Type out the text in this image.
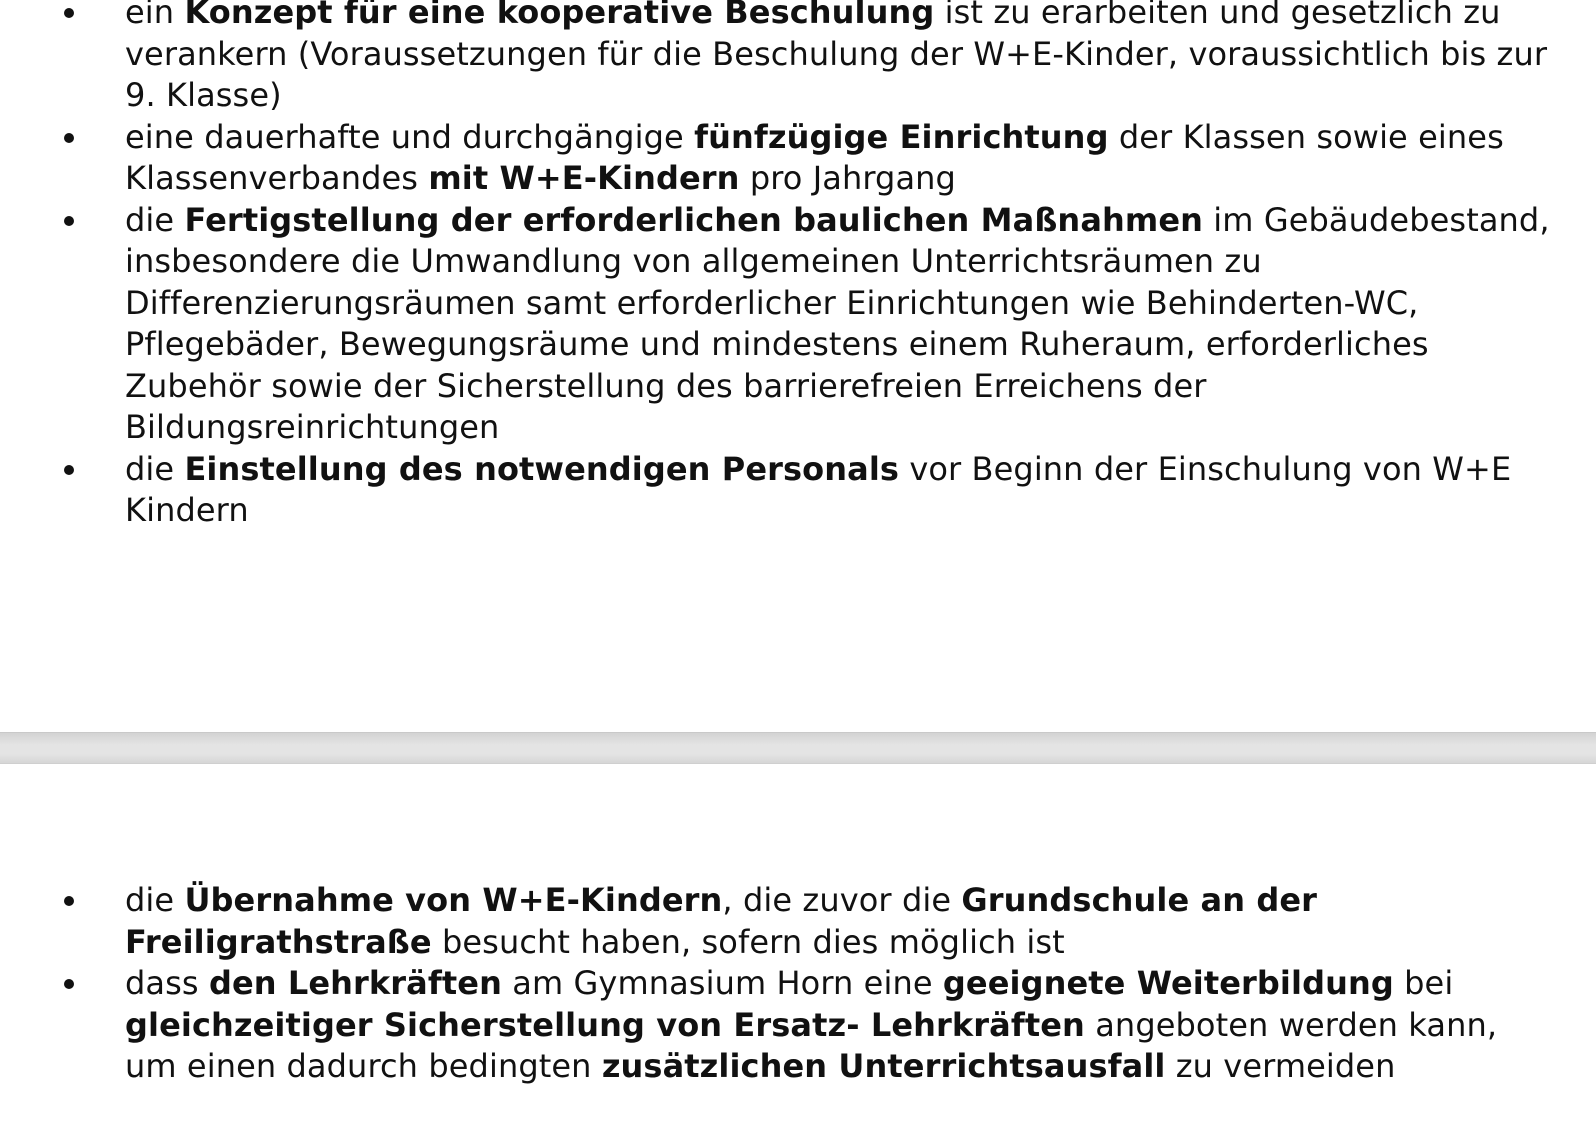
ein Konzept für eine kooperative Beschulung ist zu erarbeiten und gesetzlich zu verankern (Voraussetzungen für die Beschulung der W+E-Kinder, voraussichtlich bis zur 9. Klasse)
eine dauerhafte und durchgängige fünfzügige Einrichtung der Klassen sowie eines Klassenverbandes mit W+E-Kindern pro Jahrgang
die Fertigstellung der erforderlichen baulichen Maßnahmen im Gebäudebestand, insbesondere die Umwandlung von allgemeinen Unterrichtsräumen zu Differenzierungsräumen samt erforderlicher Einrichtungen wie Behinderten-WC, Pflegebäder, Bewegungsräume und mindestens einem Ruheraum, erforderliches Zubehör sowie der Sicherstellung des barrierefreien Erreichens der Bildungsreinrichtungen
die Einstellung des notwendigen Personals vor Beginn der Einschulung von W+E Kindern
die Übernahme von W+E-Kindern, die zuvor die Grundschule an der Freiligrathstraße besucht haben, sofern dies möglich ist
dass den Lehrkräften am Gymnasium Horn eine geeignete Weiterbildung bei gleichzeitiger Sicherstellung von Ersatz- Lehrkräften angeboten werden kann, um einen dadurch bedingten zusätzlichen Unterrichtsausfall zu vermeiden
